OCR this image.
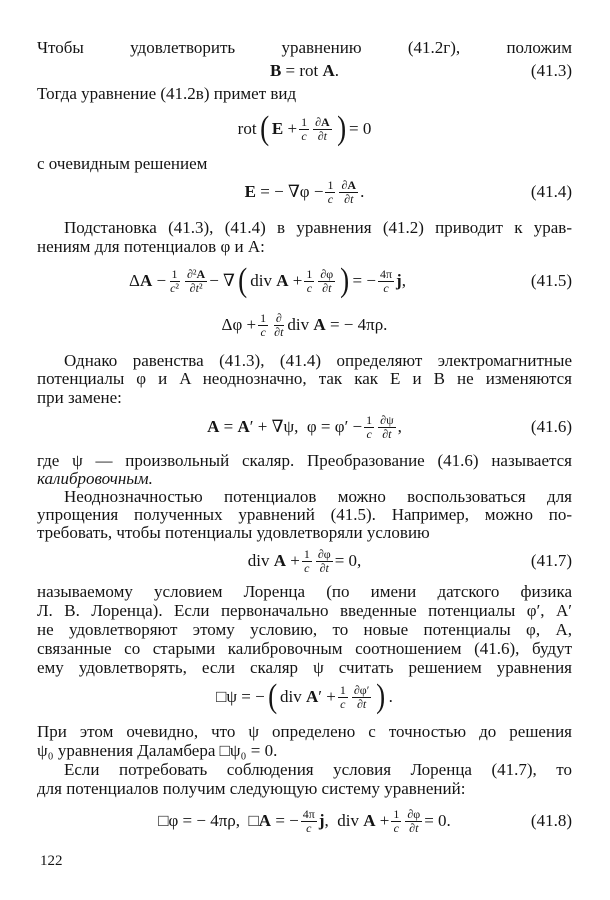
Чтобы удовлетворить уравнению (41.2г), положим
B = rot A .	(41.3)
Тогда уравнение (41.2в) примет вид
rot ( $E + \frac{1}{c} \frac{\partial A}{\partial t}$ ) = 0
с очевидным решением
E = − $\nabla\varphi - \frac{1}{c} \frac{\partial A}{\partial t}$ .	(41.4)
Подстановка (41.3), (41.4) в уравнения (41.2) приводит к урав-
нениям для потенциалов φ и A:
Δ $A - \frac{1}{\text{c²}} \frac{\text{∂²A}}{\text{∂t²}}$ − ∇ ( div $A + \frac{1}{c} \frac{\partial\varphi}{\partial t}$ ) = − $\frac{4\pi}{c}$ j ,	(41.5)
$\Delta\varphi + \frac{1}{c} \frac{\partial}{\partial t}$ div A = − 4πρ.
Однако равенства (41.3), (41.4) определяют электромагнитные
потенциалы φ и A неоднозначно, так как E и B не изменяются
при замене:
A = A ′ + ∇ψ,  $\varphi = \varphi' - \frac{1}{c} \frac{\partial\psi}{\partial t}$ ,	(41.6)
где ψ — произвольный скаляр. Преобразование (41.6) называется
калибровочным.
Неоднозначностью потенциалов можно воспользоваться для
упрощения полученных уравнений (41.5). Например, можно по-
требовать, чтобы потенциалы удовлетворяли условию
div $A + \frac{1}{c} \frac{\partial\varphi}{\partial t} = 0$,	(41.7)
называемому условием Лоренца (по имени датского физика
Л. В. Лоренца). Если первоначально введенные потенциалы φ′, A′
не удовлетворяют этому условию, то новые потенциалы φ, A,
связанные со старыми калибровочным соотношением (41.6), будут
ему удовлетворять, если скаляр ψ считать решением уравнения
□ψ = − ( div A ′ + $\frac{1}{c} \frac{\partial\varphi'}{\partial t}$ ) .
При этом очевидно, что ψ определено с точностью до решения
ψ₀ уравнения Даламбера □ψ₀ = 0.
Если потребовать соблюдения условия Лоренца (41.7), то
для потенциалов получим следующую систему уравнений:
□φ = − 4πρ,  □ A = − $\frac{4\pi}{c}$ j ,  div $A + \frac{1}{c} \frac{\partial\varphi}{\partial t} = 0$.	(41.8)
122
